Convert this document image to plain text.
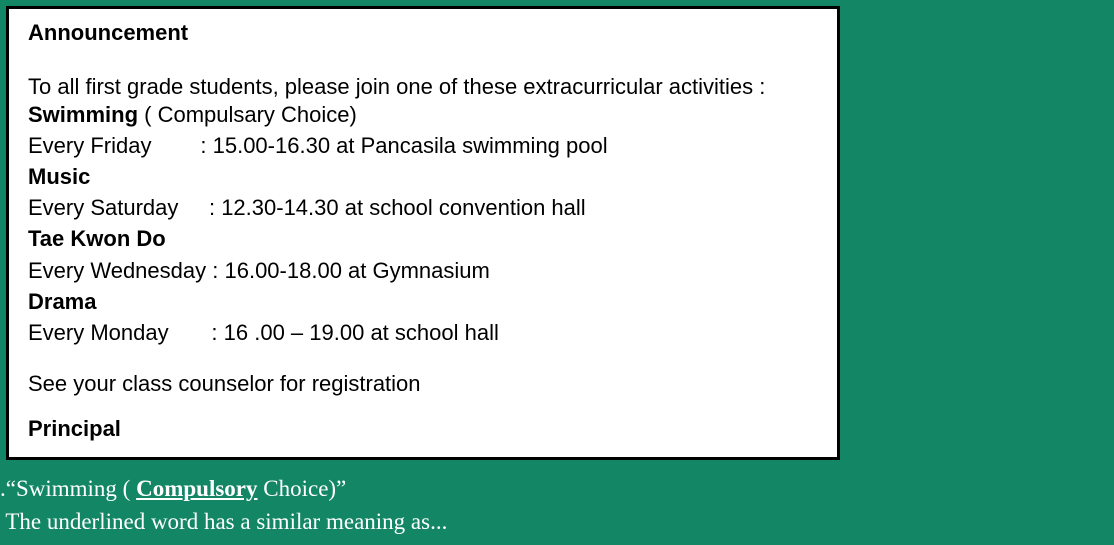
Announcement
To all first grade students, please join one of these extracurricular activities :
Swimming ( Compulsary Choice)
Every Friday : 15.00-16.30 at Pancasila swimming pool
Music
Every Saturday : 12.30-14.30 at school convention hall
Tae Kwon Do
Every Wednesday : 16.00-18.00 at Gymnasium
Drama
Every Monday : 16 .00 – 19.00 at school hall
See your class counselor for registration
Principal
.“Swimming ( Compulsory Choice)”
The underlined word has a similar meaning as...
